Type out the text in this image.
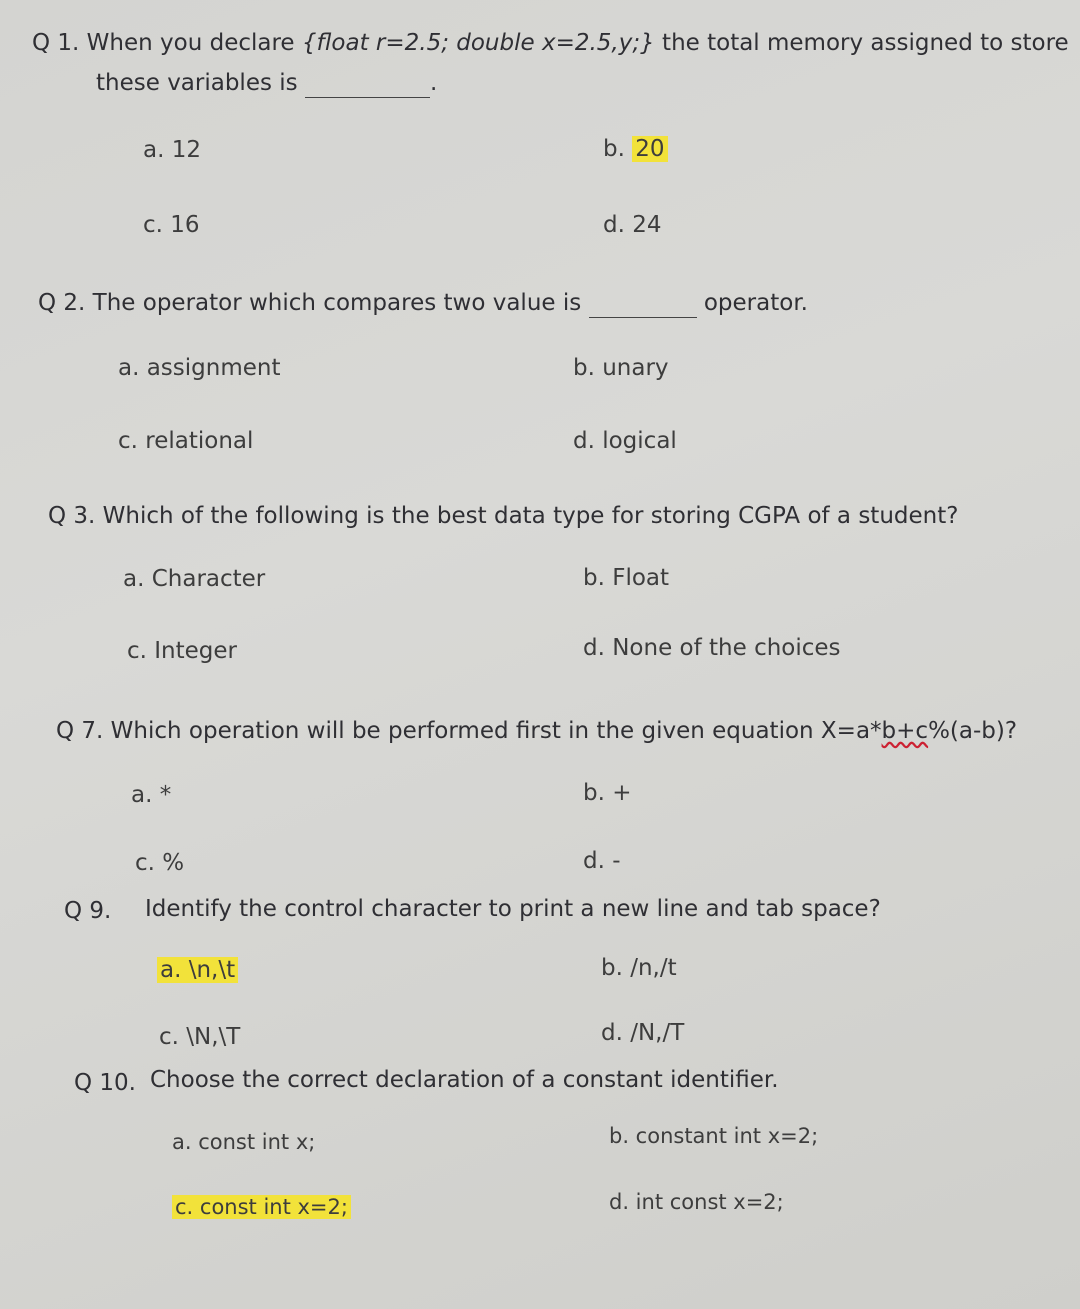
Q 1. When you declare {float r=2.5; double x=2.5,y;} the total memory assigned to store
these variables is	.
a. 12	b. 20
c. 16	d. 24
Q 2. The operator which compares two value is	operator.
a. assignment	b. unary
c. relational	d. logical
Q 3. Which of the following is the best data type for storing CGPA of a student?
a. Character	b. Float
c. Integer	d. None of the choices
Q 7. Which operation will be performed first in the given equation X=a*b+c%(a-b)?
a. *	b. +
c. %	d. -
Q 9. Identify the control character to print a new line and tab space?
a. \n,\t	b. /n,/t
c. \N,\T	d. /N,/T
Q 10. Choose the correct declaration of a constant identifier.
a. const int x;	b. constant int x=2;
c. const int x=2;	d. int const x=2;
